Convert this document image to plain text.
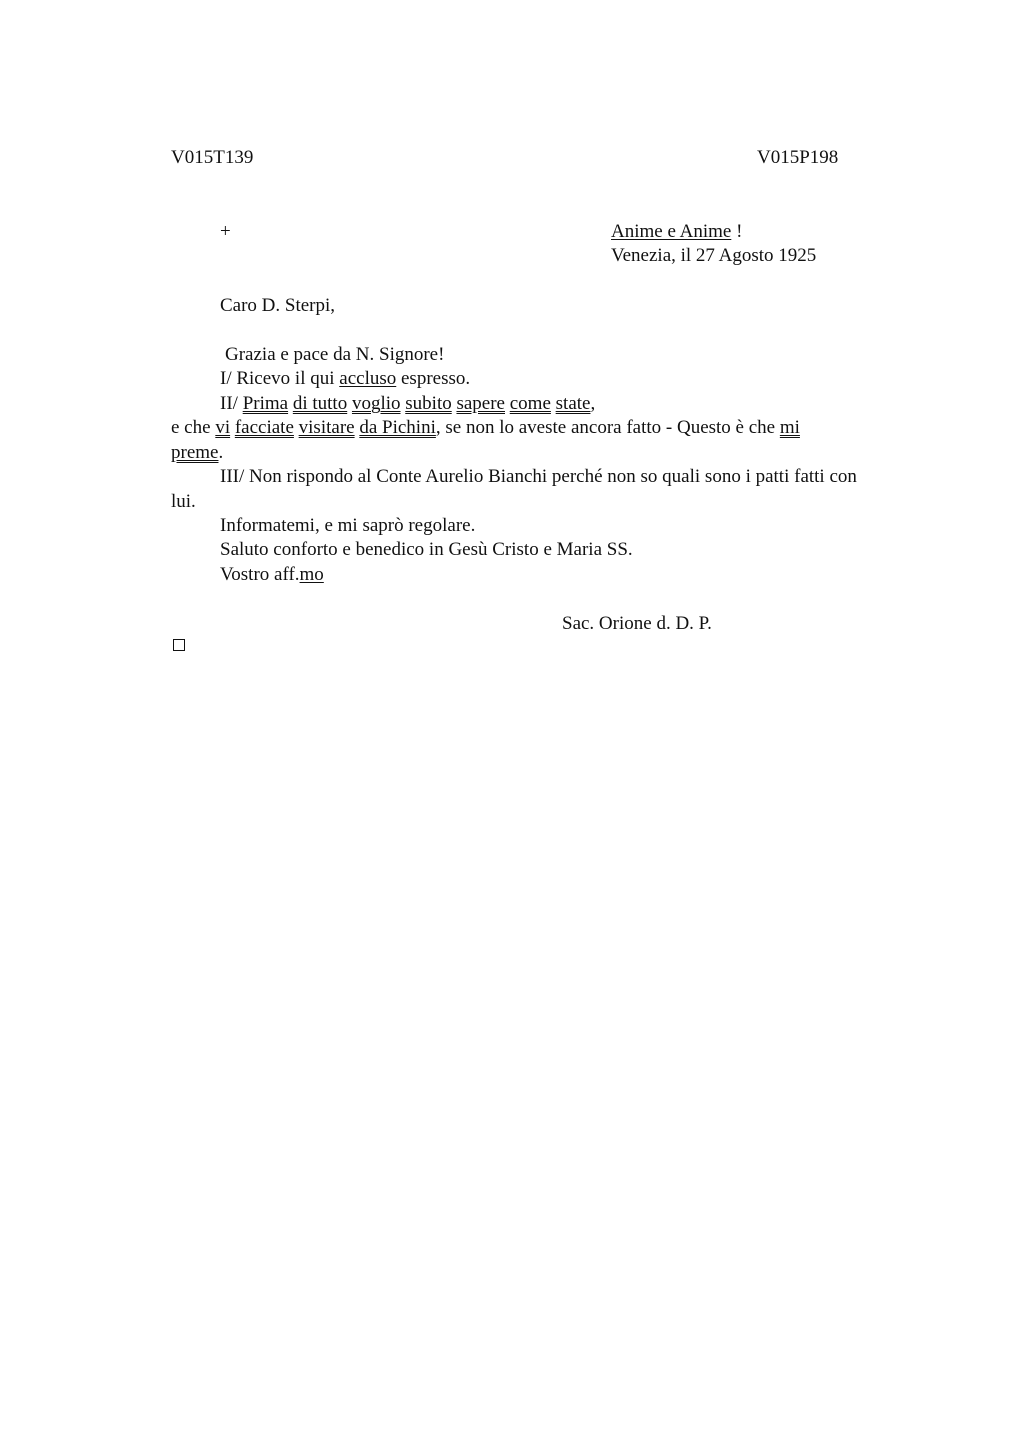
V015T139	V015P198
+	Anime e Anime !
Venezia, il 27 Agosto 1925
Caro D. Sterpi,
Grazia e pace da N. Signore!
I/ Ricevo il qui accluso espresso.
II/ Prima di tutto voglio subito sapere come state,
e che vi facciate visitare da Pichini, se non lo aveste ancora fatto - Questo è che mi
preme.
III/ Non rispondo al Conte Aurelio Bianchi perché non so quali sono i patti fatti con
lui.
Informatemi, e mi saprò regolare.
Saluto conforto e benedico in Gesù Cristo e Maria SS.
Vostro aff.mo
Sac. Orione d. D. P.
